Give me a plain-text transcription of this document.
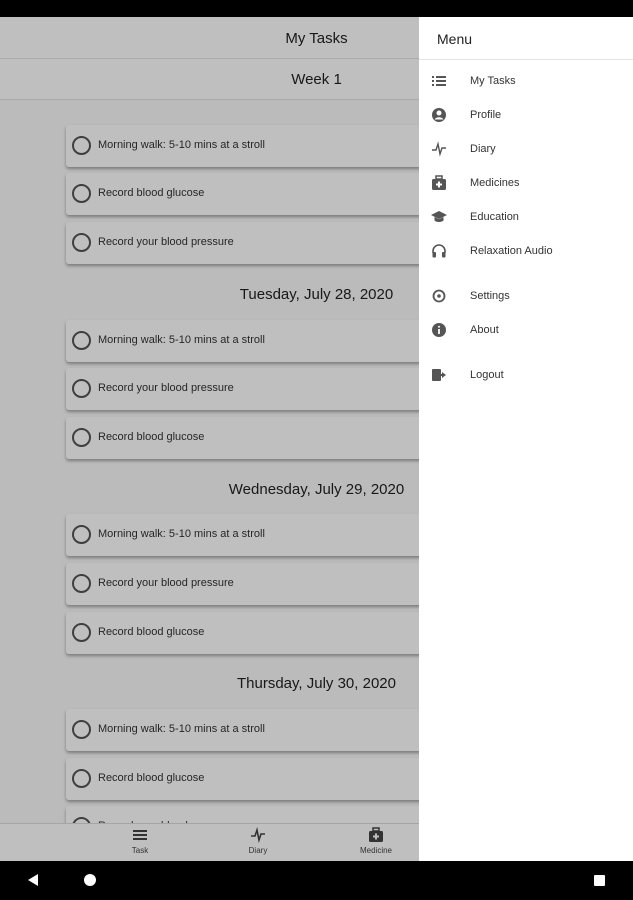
My Tasks
Week 1
Morning walk: 5-10 mins at a stroll
Record blood glucose
Record your blood pressure
Tuesday, July 28, 2020
Morning walk: 5-10 mins at a stroll
Record your blood pressure
Record blood glucose
Wednesday, July 29, 2020
Morning walk: 5-10 mins at a stroll
Record your blood pressure
Record blood glucose
Thursday, July 30, 2020
Morning walk: 5-10 mins at a stroll
Record blood glucose
Task	Diary	Medicine
Menu
My Tasks
Profile
Diary
Medicines
Education
Relaxation Audio
Settings
About
Logout
